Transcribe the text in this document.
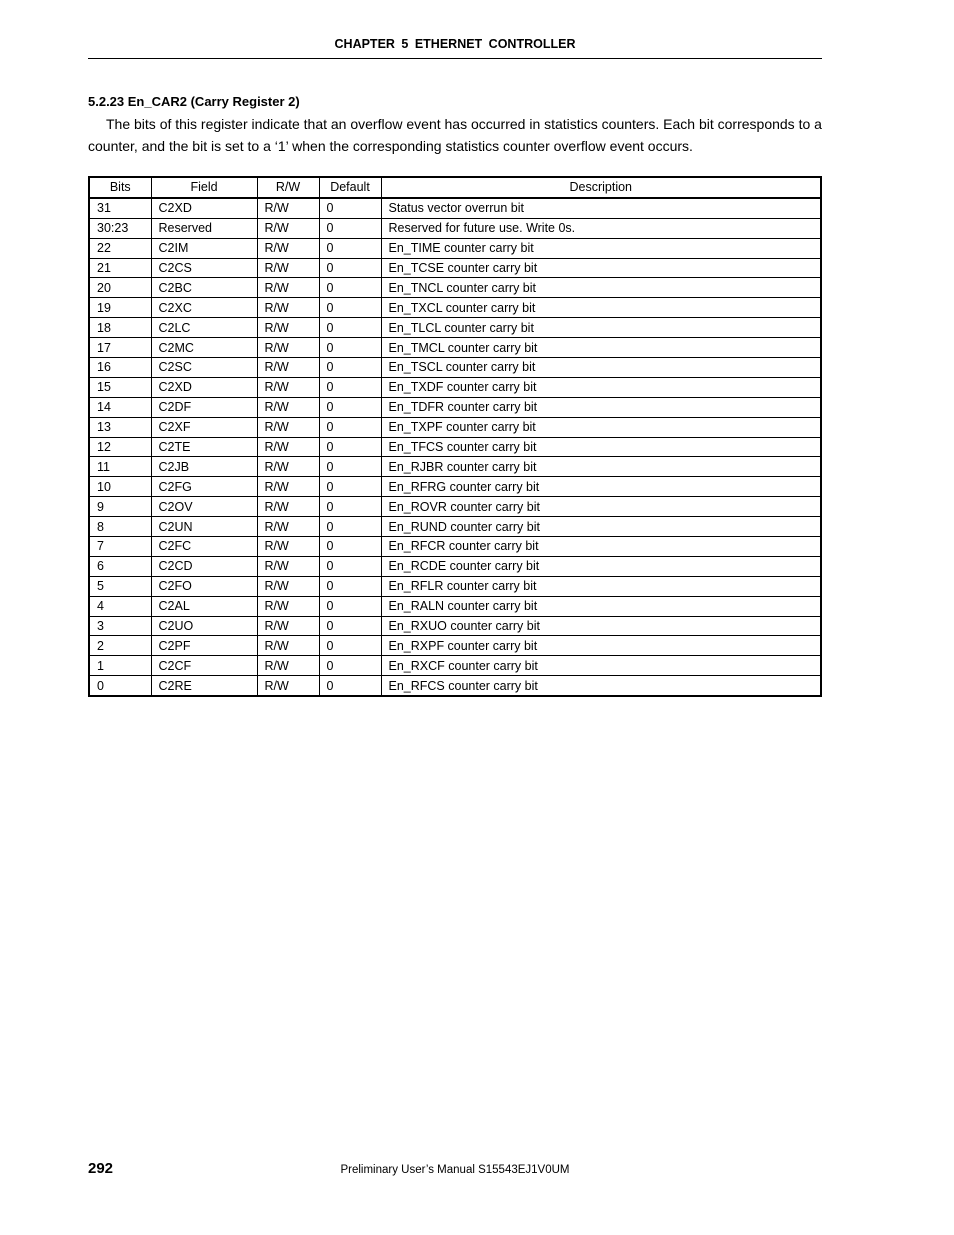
CHAPTER 5 ETHERNET CONTROLLER
5.2.23 En_CAR2 (Carry Register 2)
The bits of this register indicate that an overflow event has occurred in statistics counters. Each bit corresponds to a counter, and the bit is set to a ‘1’ when the corresponding statistics counter overflow event occurs.
Bits	Field	R/W	Default	Description
31	C2XD	R/W	0	Status vector overrun bit
30:23	Reserved	R/W	0	Reserved for future use. Write 0s.
22	C2IM	R/W	0	En_TIME counter carry bit
21	C2CS	R/W	0	En_TCSE counter carry bit
20	C2BC	R/W	0	En_TNCL counter carry bit
19	C2XC	R/W	0	En_TXCL counter carry bit
18	C2LC	R/W	0	En_TLCL counter carry bit
17	C2MC	R/W	0	En_TMCL counter carry bit
16	C2SC	R/W	0	En_TSCL counter carry bit
15	C2XD	R/W	0	En_TXDF counter carry bit
14	C2DF	R/W	0	En_TDFR counter carry bit
13	C2XF	R/W	0	En_TXPF counter carry bit
12	C2TE	R/W	0	En_TFCS counter carry bit
11	C2JB	R/W	0	En_RJBR counter carry bit
10	C2FG	R/W	0	En_RFRG counter carry bit
9	C2OV	R/W	0	En_ROVR counter carry bit
8	C2UN	R/W	0	En_RUND counter carry bit
7	C2FC	R/W	0	En_RFCR counter carry bit
6	C2CD	R/W	0	En_RCDE counter carry bit
5	C2FO	R/W	0	En_RFLR counter carry bit
4	C2AL	R/W	0	En_RALN counter carry bit
3	C2UO	R/W	0	En_RXUO counter carry bit
2	C2PF	R/W	0	En_RXPF counter carry bit
1	C2CF	R/W	0	En_RXCF counter carry bit
0	C2RE	R/W	0	En_RFCS counter carry bit
292	Preliminary User’s Manual S15543EJ1V0UM
